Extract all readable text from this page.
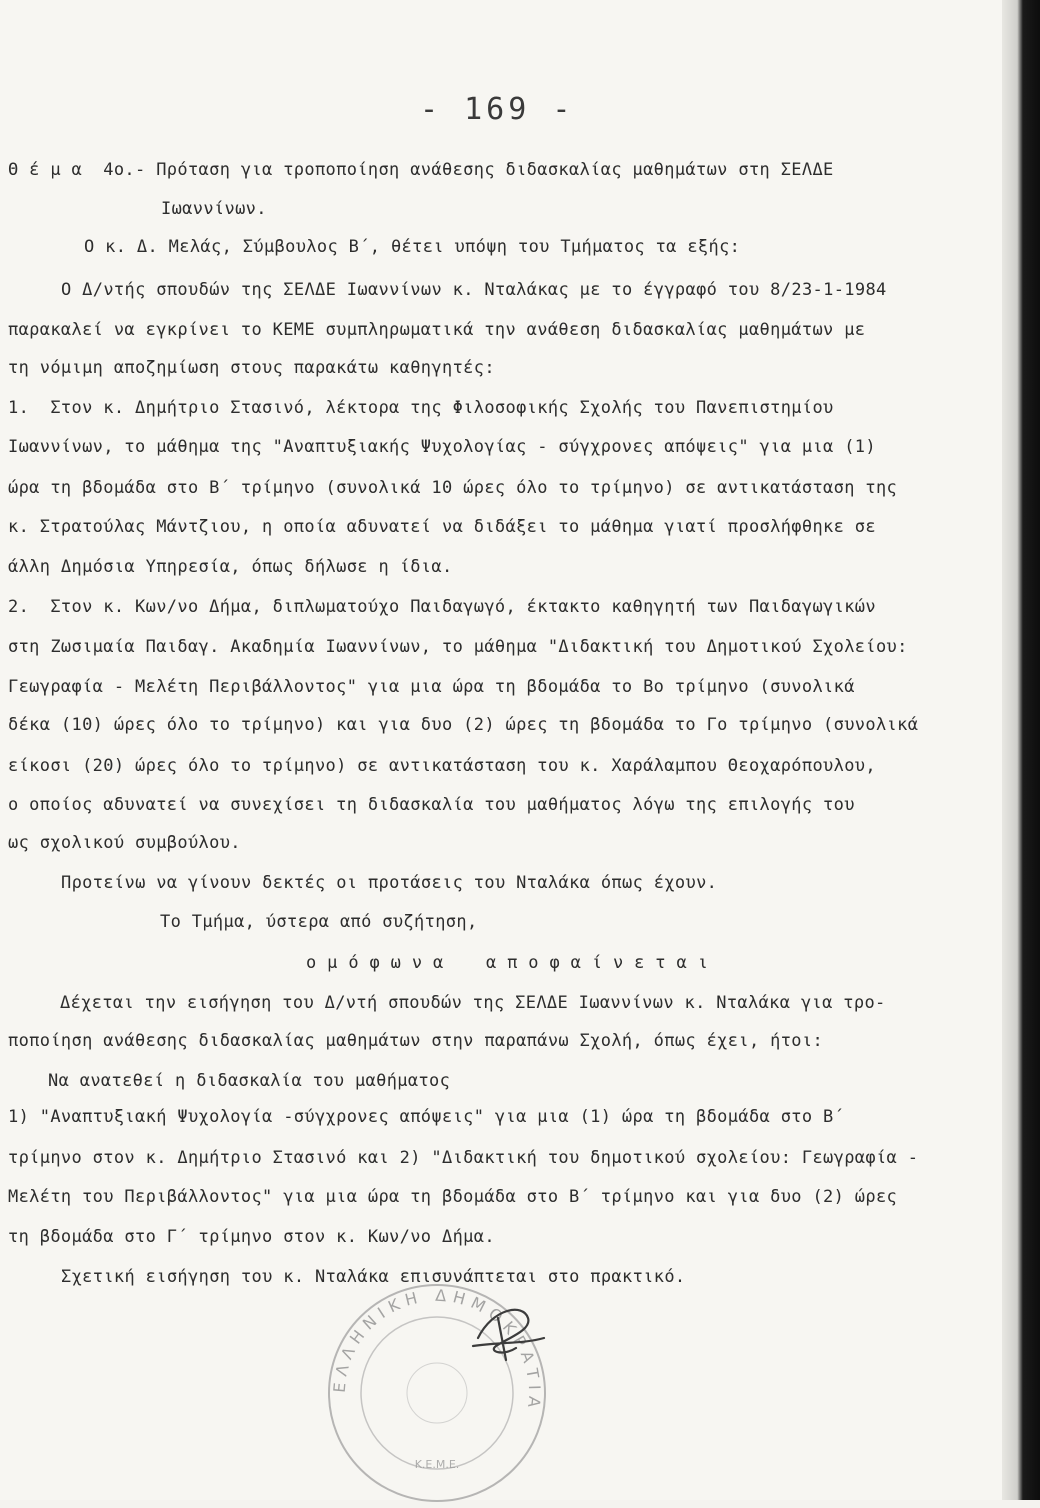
- 169 -
Θ έ μ α  4ο.- Πρόταση για τροποποίηση ανάθεσης διδασκαλίας μαθημάτων στη ΣΕΛΔΕ
Ιωαννίνων.
Ο κ. Δ. Μελάς, Σύμβουλος Β΄, θέτει υπόψη του Τμήματος τα εξής:
Ο Δ/ντής σπουδών της ΣΕΛΔΕ Ιωαννίνων κ. Νταλάκας με το έγγραφό του 8/23-1-1984
παρακαλεί να εγκρίνει το ΚΕΜΕ συμπληρωματικά την ανάθεση διδασκαλίας μαθημάτων με
τη νόμιμη αποζημίωση στους παρακάτω καθηγητές:
1.  Στον κ. Δημήτριο Στασινό, λέκτορα της Φιλοσοφικής Σχολής του Πανεπιστημίου
Ιωαννίνων, το μάθημα της "Αναπτυξιακής Ψυχολογίας - σύγχρονες απόψεις" για μια (1)
ώρα τη βδομάδα στο Β΄ τρίμηνο (συνολικά 10 ώρες όλο το τρίμηνο) σε αντικατάσταση της
κ. Στρατούλας Μάντζιου, η οποία αδυνατεί να διδάξει το μάθημα γιατί προσλήφθηκε σε
άλλη Δημόσια Υπηρεσία, όπως δήλωσε η ίδια.
2.  Στον κ. Κων/νο Δήμα, διπλωματούχο Παιδαγωγό, έκτακτο καθηγητή των Παιδαγωγικών
στη Ζωσιμαία Παιδαγ. Ακαδημία Ιωαννίνων, το μάθημα "Διδακτική του Δημοτικού Σχολείου:
Γεωγραφία - Μελέτη Περιβάλλοντος" για μια ώρα τη βδομάδα το Βο τρίμηνο (συνολικά
δέκα (10) ώρες όλο το τρίμηνο) και για δυο (2) ώρες τη βδομάδα το Γο τρίμηνο (συνολικά
είκοσι (20) ώρες όλο το τρίμηνο) σε αντικατάσταση του κ. Χαράλαμπου Θεοχαρόπουλου,
ο οποίος αδυνατεί να συνεχίσει τη διδασκαλία του μαθήματος λόγω της επιλογής του
ως σχολικού συμβούλου.
Προτείνω να γίνουν δεκτές οι προτάσεις του Νταλάκα όπως έχουν.
Το Τμήμα, ύστερα από συζήτηση,
ο μ ό φ ω ν α    α π ο φ α ί ν ε τ α ι
Δέχεται την εισήγηση του Δ/ντή σπουδών της ΣΕΛΔΕ Ιωαννίνων κ. Νταλάκα για τρο-
ποποίηση ανάθεσης διδασκαλίας μαθημάτων στην παραπάνω Σχολή, όπως έχει, ήτοι:
Να ανατεθεί η διδασκαλία του μαθήματος
1) "Αναπτυξιακή Ψυχολογία -σύγχρονες απόψεις" για μια (1) ώρα τη βδομάδα στο Β΄
τρίμηνο στον κ. Δημήτριο Στασινό και 2) "Διδακτική του δημοτικού σχολείου: Γεωγραφία -
Μελέτη του Περιβάλλοντος" για μια ώρα τη βδομάδα στο Β΄ τρίμηνο και για δυο (2) ώρες
τη βδομάδα στο Γ΄ τρίμηνο στον κ. Κων/νο Δήμα.
Σχετική εισήγηση του κ. Νταλάκα επισυνάπτεται στο πρακτικό.
ΕΛΛΗΝΙΚΗ ΔΗΜΟΚΡΑΤΙΑ
Κ.Ε.Μ.Ε.
